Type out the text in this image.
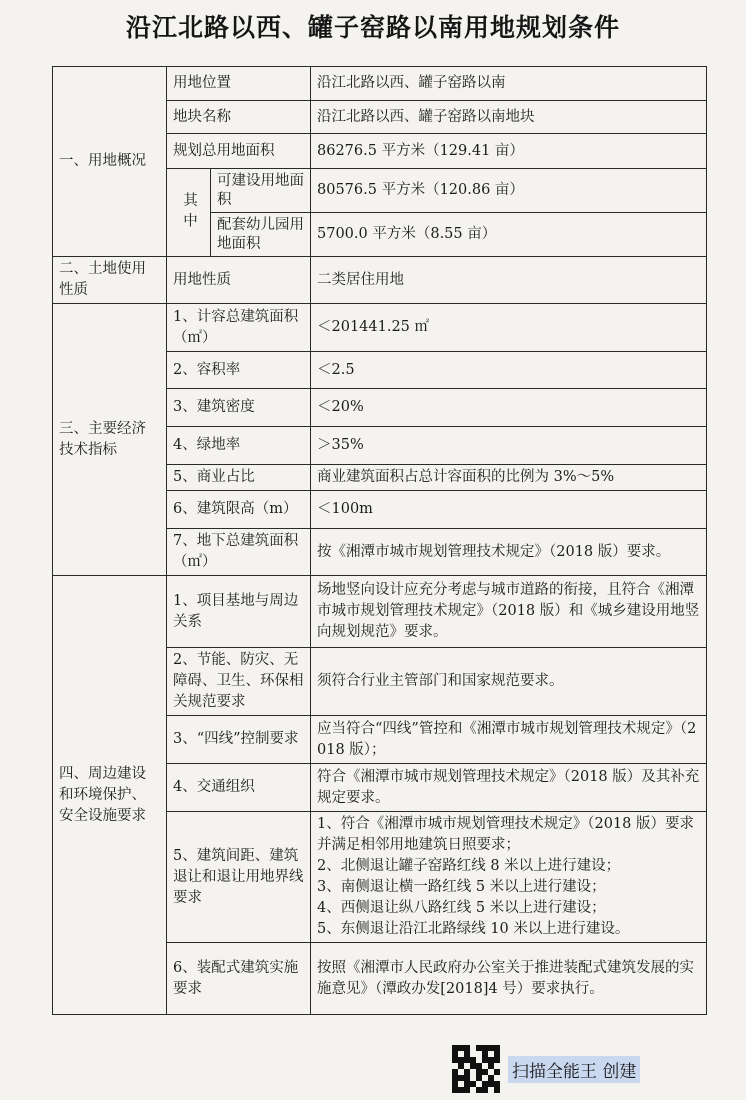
沿江北路以西、罐子窑路以南用地规划条件
一、用地概况	用地位置		沿江北路以西、罐子窑路以南
	地块名称		沿江北路以西、罐子窑路以南地块
	规划总用地面积		86276.5 平方米（129.41 亩）
	其中	可建设用地面积	80576.5 平方米（120.86 亩）
		配套幼儿园用地面积	5700.0 平方米（8.55 亩）
二、土地使用性质	用地性质		二类居住用地
三、主要经济技术指标	1、计容总建筑面积（㎡）		＜201441.25 ㎡
	2、容积率		＜2.5
	3、建筑密度		＜20%
	4、绿地率		＞35%
	5、商业占比		商业建筑面积占总计容面积的比例为 3%～5%
	6、建筑限高（m）		＜100m
	7、地下总建筑面积（㎡）		按《湘潭市城市规划管理技术规定》（2018 版）要求。
四、周边建设和环境保护、安全设施要求	1、项目基地与周边关系		场地竖向设计应充分考虑与城市道路的衔接，且符合《湘潭市城市规划管理技术规定》（2018 版）和《城乡建设用地竖向规划规范》要求。
	2、节能、防灾、无障碍、卫生、环保相关规范要求		须符合行业主管部门和国家规范要求。
	3、“四线”控制要求		应当符合“四线”管控和《湘潭市城市规划管理技术规定》（2018 版）；
	4、交通组织		符合《湘潭市城市规划管理技术规定》（2018 版）及其补充规定要求。
	5、建筑间距、建筑退让和退让用地界线要求		1、符合《湘潭市城市规划管理技术规定》（2018 版）要求并满足相邻用地建筑日照要求；
2、北侧退让罐子窑路红线 8 米以上进行建设；
3、南侧退让横一路红线 5 米以上进行建设；
4、西侧退让纵八路红线 5 米以上进行建设；
5、东侧退让沿江北路绿线 10 米以上进行建设。

	6、装配式建筑实施要求		按照《湘潭市人民政府办公室关于推进装配式建筑发展的实施意见》（潭政办发[2018]4 号）要求执行。
扫描全能王 创建
